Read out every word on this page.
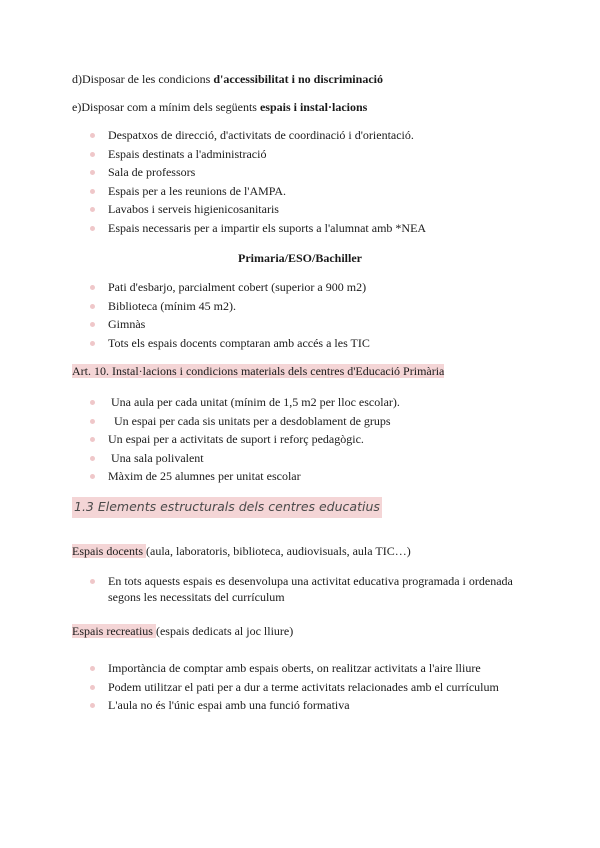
d)Disposar de les condicions d'accessibilitat i no discriminació
e)Disposar com a mínim dels següents espais i instal·lacions
Despatxos de direcció, d'activitats de coordinació i d'orientació.
Espais destinats a l'administració
Sala de professors
Espais per a les reunions de l'AMPA.
Lavabos i serveis higienicosanitaris
Espais necessaris per a impartir els suports a l'alumnat amb *NEA
Primaria/ESO/Bachiller
Pati d'esbarjo, parcialment cobert (superior a 900 m2)
Biblioteca (mínim 45 m2).
Gimnàs
Tots els espais docents comptaran amb accés a les TIC
Art. 10. Instal·lacions i condicions materials dels centres d'Educació Primària
Una aula per cada unitat (mínim de 1,5 m2 per lloc escolar).
Un espai per cada sis unitats per a desdoblament de grups
Un espai per a activitats de suport i reforç pedagògic.
Una sala polivalent
Màxim de 25 alumnes per unitat escolar
1.3 Elements estructurals dels centres educatius
Espais docents (aula, laboratoris, biblioteca, audiovisuals, aula TIC…)
En tots aquests espais es desenvolupa una activitat educativa programada i ordenada segons les necessitats del currículum
Espais recreatius (espais dedicats al joc lliure)
Importància de comptar amb espais oberts, on realitzar activitats a l'aire lliure
Podem utilitzar el pati per a dur a terme activitats relacionades amb el currículum
L'aula no és l'únic espai amb una funció formativa
